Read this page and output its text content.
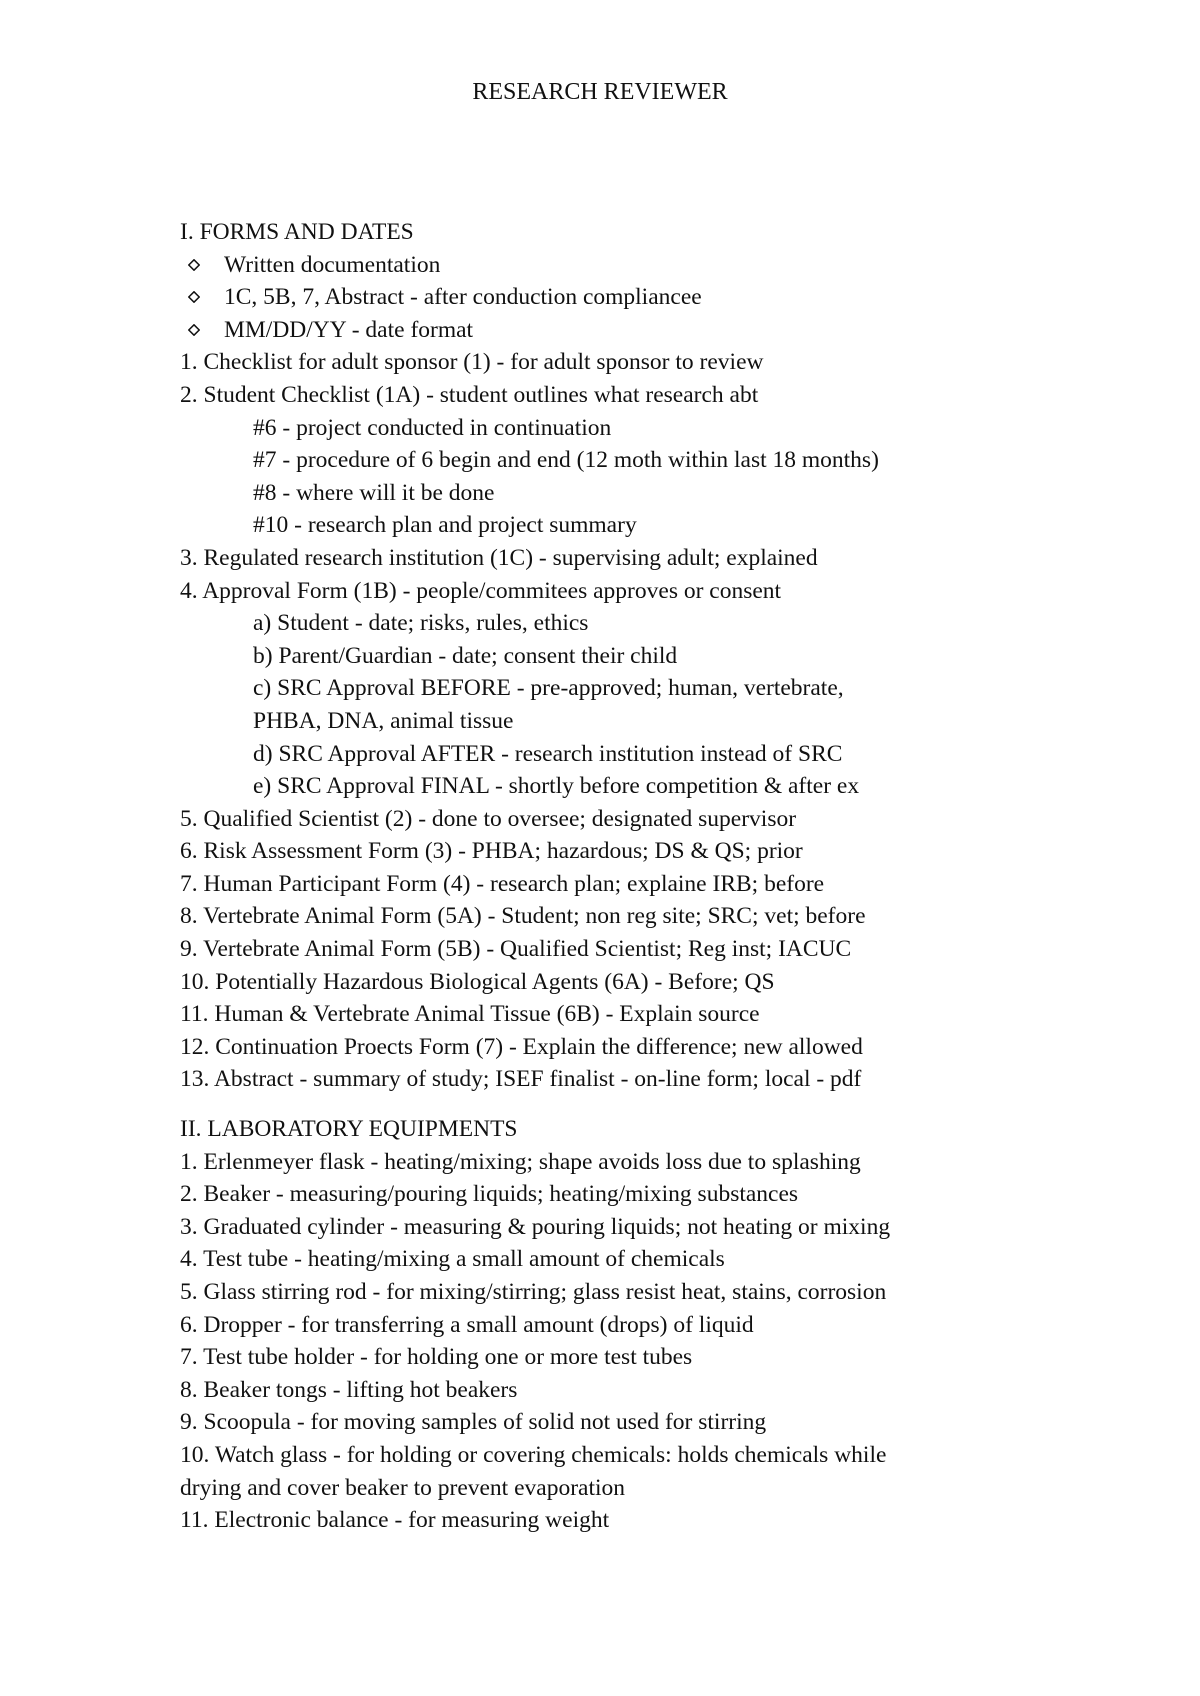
RESEARCH REVIEWER
I. FORMS AND DATES
Written documentation
1C, 5B, 7, Abstract - after conduction compliancee
MM/DD/YY - date format
1. Checklist for adult sponsor (1) - for adult sponsor to review
2. Student Checklist (1A) - student outlines what research abt
#6 - project conducted in continuation
#7 - procedure of 6 begin and end (12 moth within last 18 months)
#8 - where will it be done
#10 - research plan and project summary
3. Regulated research institution (1C) - supervising adult; explained
4. Approval Form (1B) - people/commitees approves or consent
a) Student - date; risks, rules, ethics
b) Parent/Guardian - date; consent their child
c) SRC Approval BEFORE - pre-approved; human, vertebrate,
PHBA, DNA, animal tissue
d) SRC Approval AFTER - research institution instead of SRC
e) SRC Approval FINAL - shortly before competition & after ex
5. Qualified Scientist (2) - done to oversee; designated supervisor
6. Risk Assessment Form (3) - PHBA; hazardous; DS & QS; prior
7. Human Participant Form (4) - research plan; explaine IRB; before
8. Vertebrate Animal Form (5A) - Student; non reg site; SRC; vet; before
9. Vertebrate Animal Form (5B) - Qualified Scientist; Reg inst; IACUC
10. Potentially Hazardous Biological Agents (6A) - Before; QS
11. Human & Vertebrate Animal Tissue (6B) - Explain source
12. Continuation Proects Form (7) - Explain the difference; new allowed
13. Abstract - summary of study; ISEF finalist - on-line form; local - pdf
II. LABORATORY EQUIPMENTS
1. Erlenmeyer flask - heating/mixing; shape avoids loss due to splashing
2. Beaker - measuring/pouring liquids; heating/mixing substances
3. Graduated cylinder - measuring & pouring liquids; not heating or mixing
4. Test tube - heating/mixing a small amount of chemicals
5. Glass stirring rod - for mixing/stirring; glass resist heat, stains, corrosion
6. Dropper - for transferring a small amount (drops) of liquid
7. Test tube holder - for holding one or more test tubes
8. Beaker tongs - lifting hot beakers
9. Scoopula - for moving samples of solid not used for stirring
10. Watch glass - for holding or covering chemicals: holds chemicals while
drying and cover beaker to prevent evaporation
11. Electronic balance - for measuring weight
